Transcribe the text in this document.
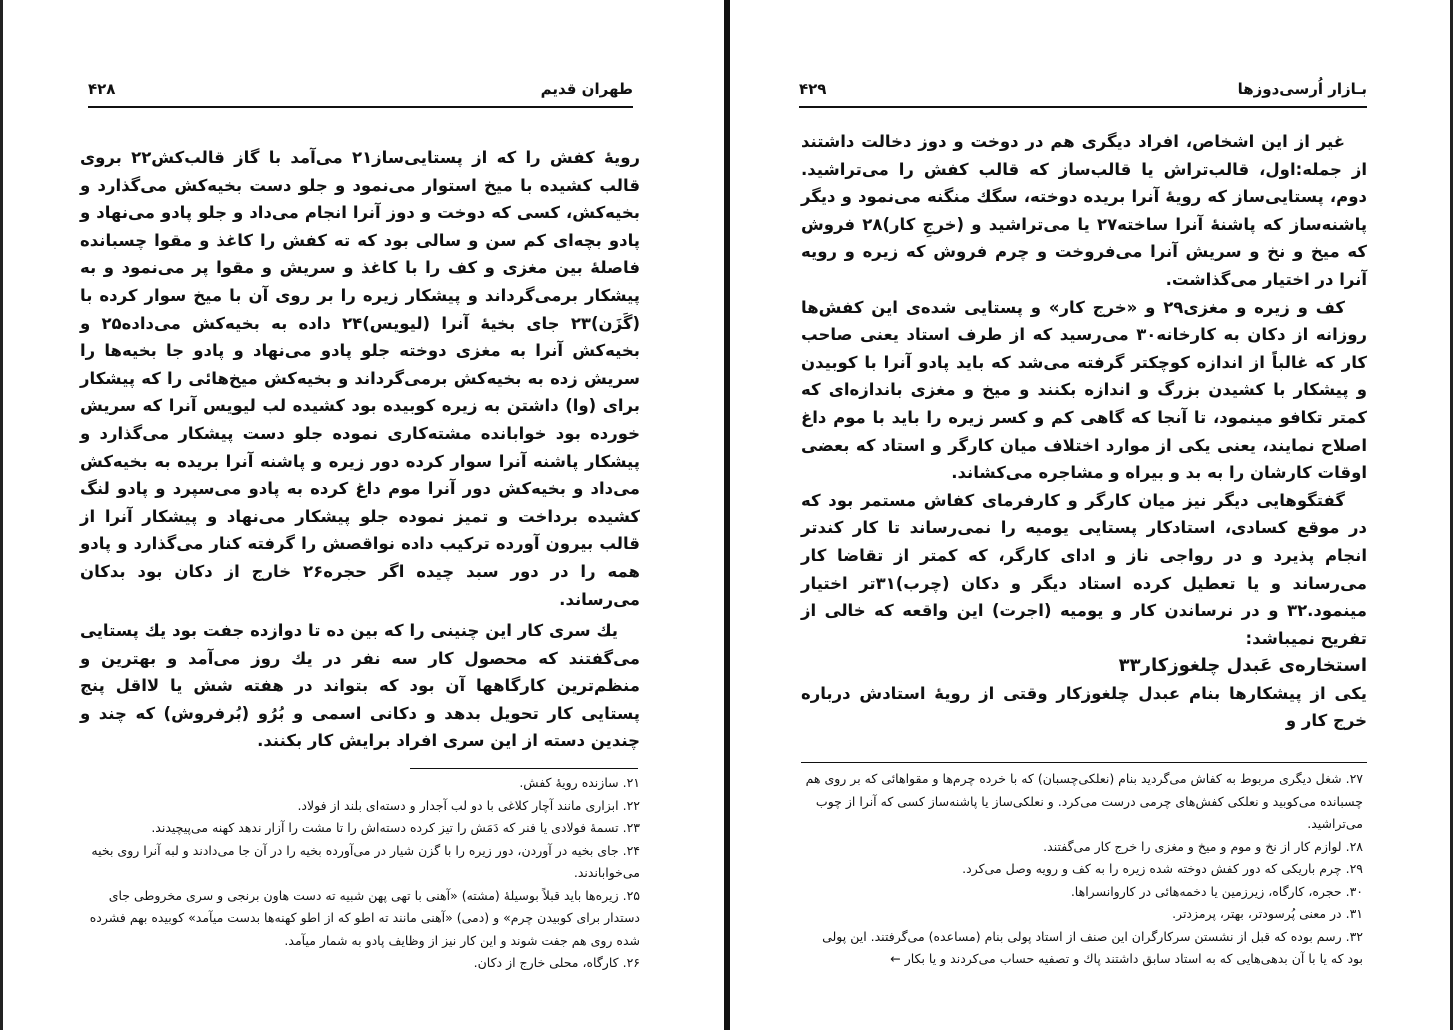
طهران قدیم
۴۲۸

رویهٔ کفش را که از پستایی‌ساز۲۱ می‌آمد با گاز قالب‌کش۲۲ بروی قالب کشیده با میخ استوار می‌نمود و جلو دست بخیه‌کش می‌گذارد و بخیه‌کش، کسی که دوخت و دوز آنرا انجام می‌داد و جلو پادو می‌نهاد و پادو بچه‌ای کم سن و سالی بود که ته کفش را کاغذ و مقوا چسبانده فاصلهٔ بین مغزی و کف را با کاغذ و سریش و مقوا پر می‌نمود و به پیشکار برمی‌گرداند و پیشکار زیره را بر روی آن با میخ سوار کرده با (گَزَن)۲۳ جای بخیهٔ آنرا (لیویس)۲۴ داده به بخیه‌کش می‌داده۲۵ و بخیه‌کش آنرا به مغزی دوخته جلو پادو می‌نهاد و پادو جا بخیه‌ها را سریش زده به بخیه‌کش برمی‌گرداند و بخیه‌کش میخ‌هائی را که پیشکار برای (وا) داشتن به زیره کوبیده بود کشیده لب لیویس آنرا که سریش خورده بود خوابانده مشته‌کاری نموده جلو دست پیشکار می‌گذارد و پیشکار پاشنه آنرا سوار کرده دور زیره و پاشنه آنرا بریده به بخیه‌کش می‌داد و بخیه‌کش دور آنرا موم داغ کرده به پادو می‌سپرد و پادو لنگ کشیده برداخت و تمیز نموده جلو پیشکار می‌نهاد و پیشکار آنرا از قالب بیرون آورده ترکیب داده نواقصش را گرفته کنار می‌گذارد و پادو همه را در دور سبد چیده اگر حجره۲۶ خارج از دکان بود بدکان می‌رساند.

یك سری کار این چنینی را که بین ده تا دوازده جفت بود یك پستایی می‌گفتند که محصول کار سه نفر در یك روز می‌آمد و بهترین و منظم‌ترین کارگاهها آن بود که بتواند در هفته شش یا لااقل پنج پستایی کار تحویل بدهد و دکانی اسمی و بُرُو (بُرفروش) که چند و چندین دسته از این سری افراد برایش کار بکنند.

۲۱. سازنده رویهٔ کفش.

۲۲. ابزاری مانند آچار کلاغی با دو لب آجدار و دسته‌ای بلند از فولاد.

۲۳. تسمهٔ فولادی یا فنر که دَمَش را تیز کرده دسته‌اش را تا مشت را آزار ندهد کهنه می‌پیچیدند.

۲۴. جای بخیه در آوردن، دور زیره را با گزن شیار در می‌آورده بخیه را در آن جا می‌دادند و لبه آنرا روی بخیه می‌خواباندند.

۲۵. زیره‌ها باید قبلاً بوسیلهٔ (مشته) «آهنی با تهی پهن شبیه ته دست هاون برنجی و سری مخروطی جای دستدار برای کوبیدن چرم» و (دمی) «آهنی مانند ته اطو که از اطو کهنه‌ها بدست میآمد» کوبیده بهم فشرده شده روی هم جفت شوند و این کار نیز از وظایف پادو به شمار میآمد.

۲۶. کارگاه، محلی خارج از دکان.

بـازار اُرسی‌دوزها
۴۲۹

غیر از این اشخاص، افراد دیگری هم در دوخت و دوز دخالت داشتند از جمله:اول، قالب‌تراش یا قالب‌ساز که قالب کفش را می‌تراشید. دوم، پستایی‌ساز که رویهٔ آنرا بریده دوخته، سگك منگنه می‌نمود و دیگر پاشنه‌ساز که پاشنهٔ آنرا ساخته۲۷ یا می‌تراشید و (خرجِ کار)۲۸ فروش که میخ و نخ و سریش آنرا می‌فروخت و چرم فروش که زیره و رویه آنرا در اختیار می‌گذاشت.

کف و زیره و مغزی۲۹ و «خرج کار» و پستایی شده‌ی این کفش‌ها روزانه از دکان به کارخانه۳۰ می‌رسید که از طرف استاد یعنی صاحب کار که غالباً از اندازه کوچکتر گرفته می‌شد که باید پادو آنرا با کوبیدن و پیشکار با کشیدن بزرگ و اندازه بکنند و میخ و مغزی باندازه‌ای که کمتر تکافو مینمود، تا آنجا که گاهی کم و کسر زیره را باید با موم داغ اصلاح نمایند، یعنی یکی از موارد اختلاف میان کارگر و استاد که بعضی اوقات کارشان را به بد و بیراه و مشاجره می‌کشاند.

گفتگوهایی دیگر نیز میان کارگر و کارفرمای کفاش مستمر بود که در موقع کسادی، استادکار پستایی یومیه را نمی‌رساند تا کار کندتر انجام پذیرد و در رواجی ناز و ادای کارگر، که کمتر از تقاضا کار می‌رساند و یا تعطیل کرده استاد دیگر و دکان (چرب)۳۱تر اختیار مینمود.۳۲ و در نرساندن کار و یومیه (اجرت) این واقعه که خالی از تفریح نمیباشد:

استخاره‌ی عَبدل چلغوزکار۳۳

یکی از پیشکارها بنام عبدل چلغوزکار وقتی از رویهٔ استادش درباره خرج کار و

۲۷. شغل دیگری مربوط به کفاش می‌گردید بنام (نعلکی‌چسبان) که با خرده چرم‌ها و مقواهائی که بر روی هم چسبانده می‌کوبید و نعلکی کفش‌های چرمی درست می‌کرد. و نعلکی‌ساز یا پاشنه‌ساز کسی که آنرا از چوب می‌تراشید.

۲۸. لوازم کار از نخ و موم و میخ و مغزی را خرج کار می‌گفتند.

۲۹. چرم باریکی که دور کفش دوخته شده زیره را به کف و رویه وصل می‌کرد.

۳۰. حجره، کارگاه، زیرزمین یا دخمه‌هائی در کاروانسراها.

۳۱. در معنی پُرسودتر، بهتر، پرمزدتر.

۳۲. رسم بوده که قبل از نشستن سرکارگران این صنف از استاد پولی بنام (مساعده) می‌گرفتند. این پولی بود که یا با آن بدهی‌هایی که به استاد سابق داشتند پاك و تصفیه حساب می‌کردند و یا بکار ←
